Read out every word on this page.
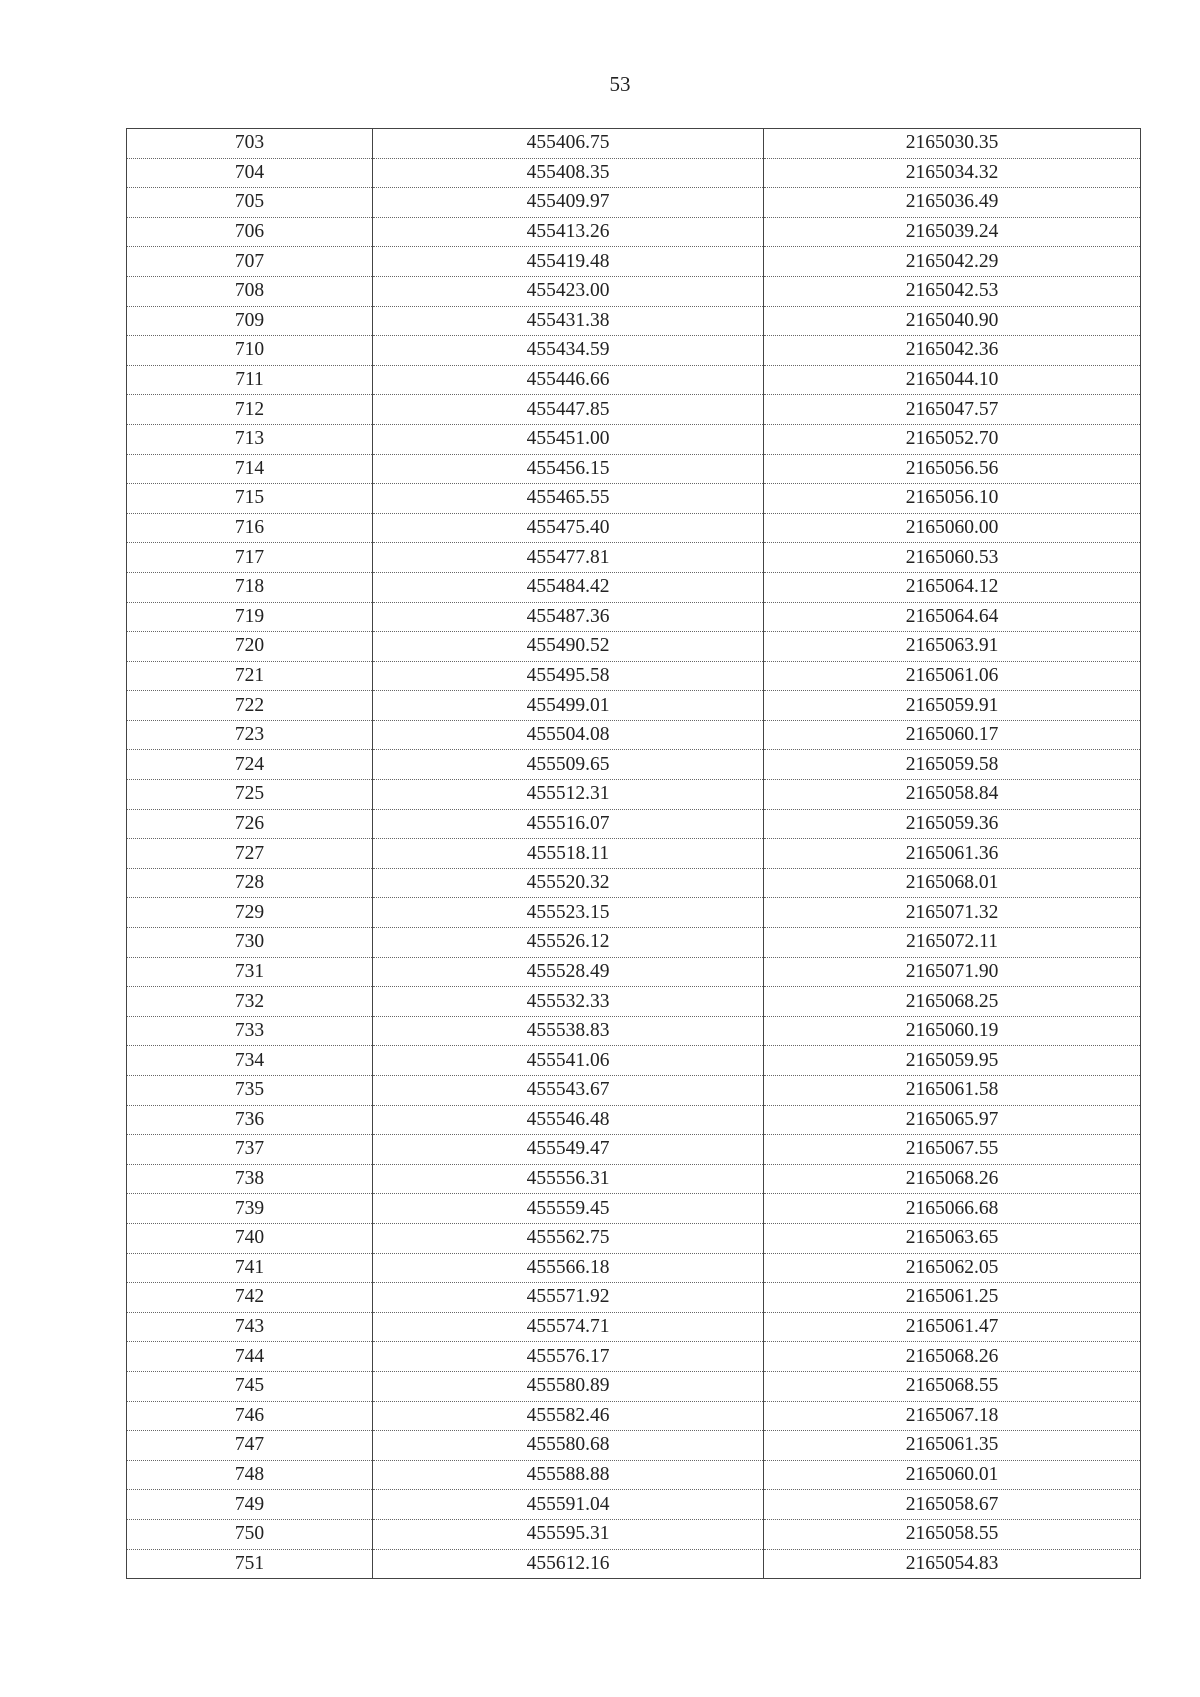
53
703	455406.75	2165030.35
704	455408.35	2165034.32
705	455409.97	2165036.49
706	455413.26	2165039.24
707	455419.48	2165042.29
708	455423.00	2165042.53
709	455431.38	2165040.90
710	455434.59	2165042.36
711	455446.66	2165044.10
712	455447.85	2165047.57
713	455451.00	2165052.70
714	455456.15	2165056.56
715	455465.55	2165056.10
716	455475.40	2165060.00
717	455477.81	2165060.53
718	455484.42	2165064.12
719	455487.36	2165064.64
720	455490.52	2165063.91
721	455495.58	2165061.06
722	455499.01	2165059.91
723	455504.08	2165060.17
724	455509.65	2165059.58
725	455512.31	2165058.84
726	455516.07	2165059.36
727	455518.11	2165061.36
728	455520.32	2165068.01
729	455523.15	2165071.32
730	455526.12	2165072.11
731	455528.49	2165071.90
732	455532.33	2165068.25
733	455538.83	2165060.19
734	455541.06	2165059.95
735	455543.67	2165061.58
736	455546.48	2165065.97
737	455549.47	2165067.55
738	455556.31	2165068.26
739	455559.45	2165066.68
740	455562.75	2165063.65
741	455566.18	2165062.05
742	455571.92	2165061.25
743	455574.71	2165061.47
744	455576.17	2165068.26
745	455580.89	2165068.55
746	455582.46	2165067.18
747	455580.68	2165061.35
748	455588.88	2165060.01
749	455591.04	2165058.67
750	455595.31	2165058.55
751	455612.16	2165054.83
